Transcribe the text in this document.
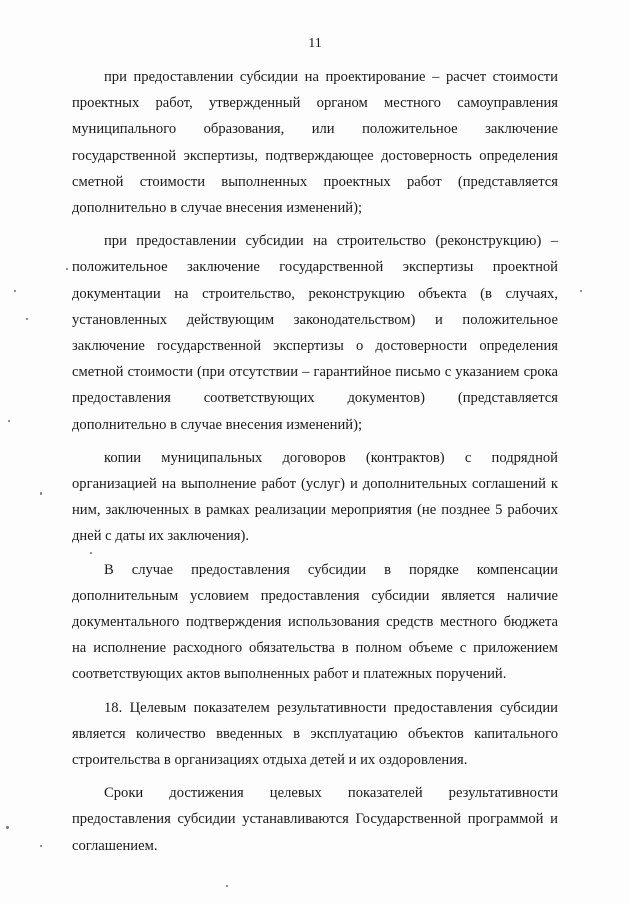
11

при предоставлении субсидии на проектирование – расчет стоимости проектных работ, утвержденный органом местного самоуправления муниципального образования, или положительное заключение государственной экспертизы, подтверждающее достоверность определения сметной стоимости выполненных проектных работ (представляется дополнительно в случае внесения изменений);

при предоставлении субсидии на строительство (реконструкцию) – положительное заключение государственной экспертизы проектной документации на строительство, реконструкцию объекта (в случаях, установленных действующим законодательством) и положительное заключение государственной экспертизы о достоверности определения сметной стоимости (при отсутствии – гарантийное письмо с указанием срока предоставления соответствующих документов) (представляется дополнительно в случае внесения изменений);

копии муниципальных договоров (контрактов) с подрядной организацией на выполнение работ (услуг) и дополнительных соглашений к ним, заключенных в рамках реализации мероприятия (не позднее 5 рабочих дней с даты их заключения).

В случае предоставления субсидии в порядке компенсации дополнительным условием предоставления субсидии является наличие документального подтверждения использования средств местного бюджета на исполнение расходного обязательства в полном объеме с приложением соответствующих актов выполненных работ и платежных поручений.

18. Целевым показателем результативности предоставления субсидии является количество введенных в эксплуатацию объектов капитального строительства в организациях отдыха детей и их оздоровления.

Сроки достижения целевых показателей результативности предоставления субсидии устанавливаются Государственной программой и соглашением.
